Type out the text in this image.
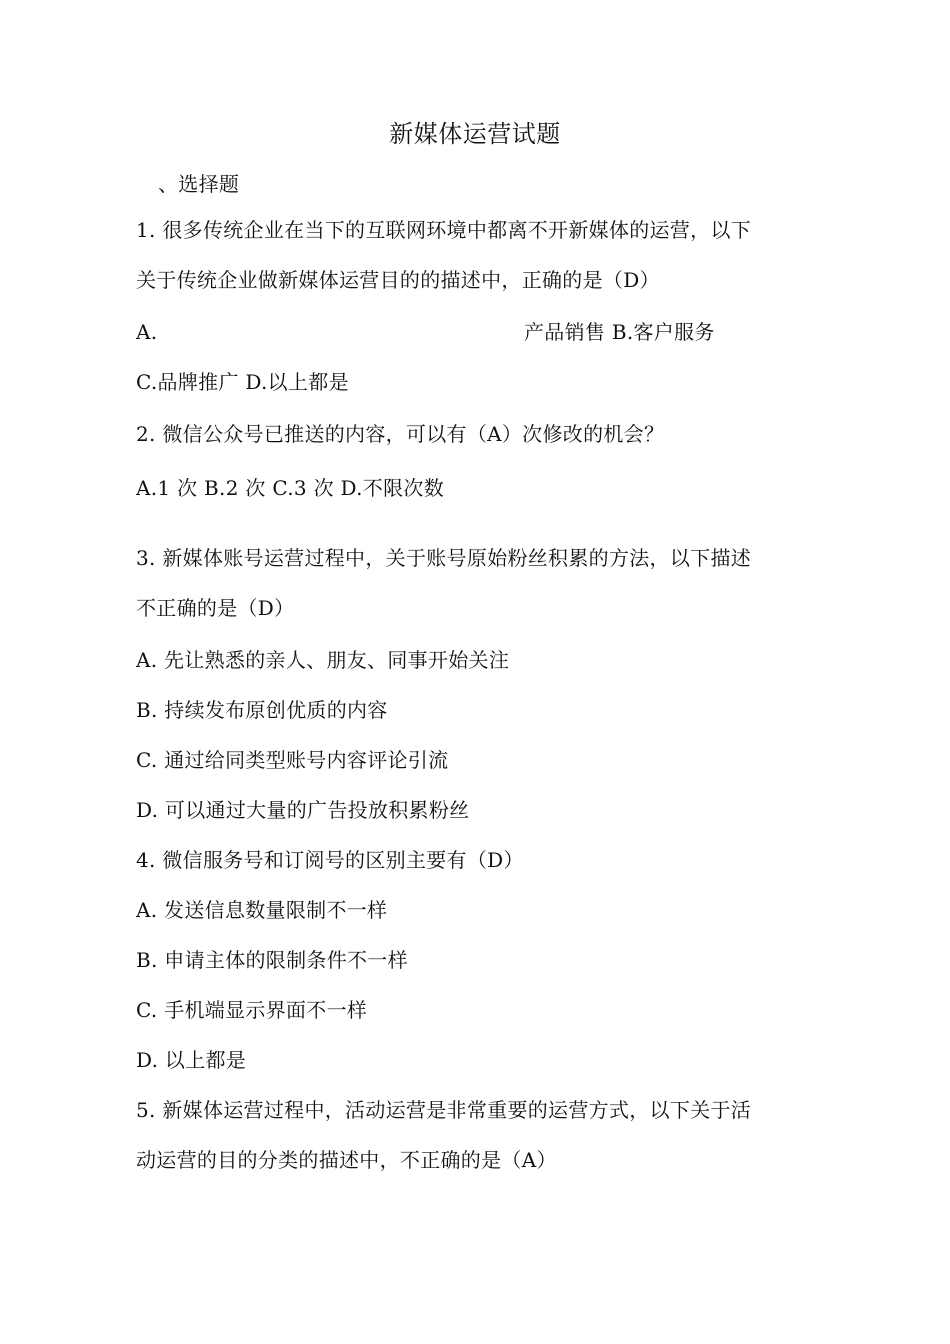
新媒体运营试题
、选择题
1. 很多传统企业在当下的互联网环境中都离不开新媒体的运营，以下
关于传统企业做新媒体运营目的的描述中，正确的是（D）
A.	产品销售 B.客户服务
C.品牌推广 D.以上都是
2. 微信公众号已推送的内容，可以有（A）次修改的机会？
A.1 次 B.2 次 C.3 次 D.不限次数
3. 新媒体账号运营过程中，关于账号原始粉丝积累的方法，以下描述
不正确的是（D）
A. 先让熟悉的亲人、朋友、同事开始关注
B. 持续发布原创优质的内容
C. 通过给同类型账号内容评论引流
D. 可以通过大量的广告投放积累粉丝
4. 微信服务号和订阅号的区别主要有（D）
A. 发送信息数量限制不一样
B. 申请主体的限制条件不一样
C. 手机端显示界面不一样
D. 以上都是
5. 新媒体运营过程中，活动运营是非常重要的运营方式，以下关于活
动运营的目的分类的描述中，不正确的是（A）
